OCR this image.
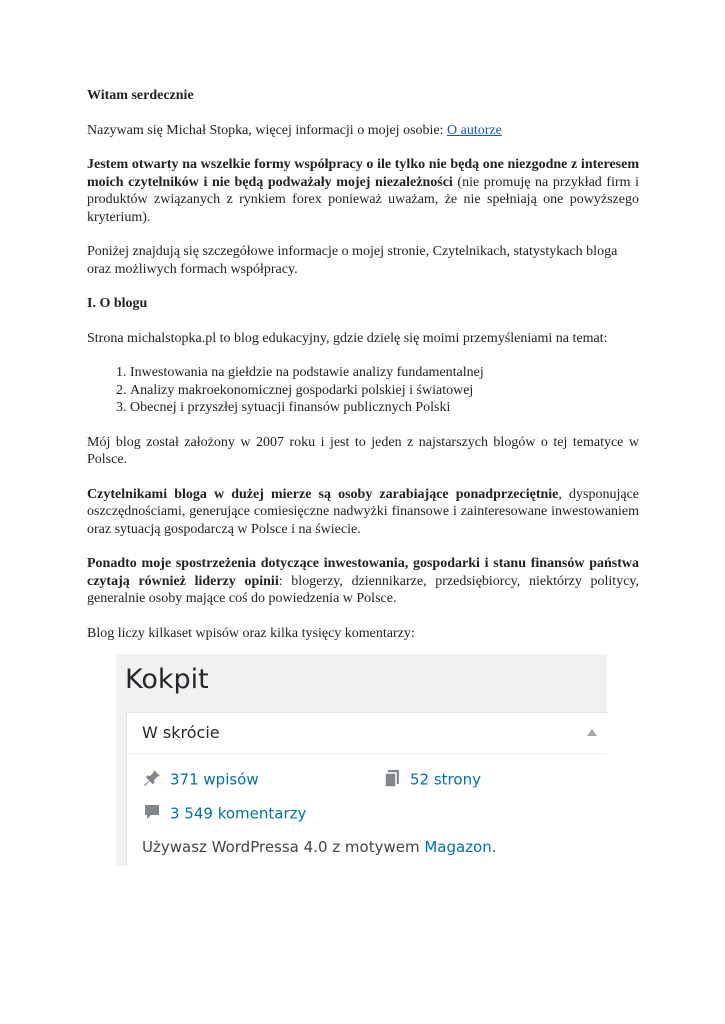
Witam serdecznie

Nazywam się Michał Stopka, więcej informacji o mojej osobie: O autorze

Jestem otwarty na wszelkie formy współpracy o ile tylko nie będą one niezgodne z interesem moich czytelników i nie będą podważały mojej niezależności (nie promuję na przykład firm i produktów związanych z rynkiem forex ponieważ uważam, że nie spełniają one powyższego kryterium).

Poniżej znajdują się szczegółowe informacje o mojej stronie, Czytelnikach, statystykach bloga oraz możliwych formach współpracy.

I. O blogu

Strona michalstopka.pl to blog edukacyjny, gdzie dzielę się moimi przemyśleniami na temat:

1. Inwestowania na giełdzie na podstawie analizy fundamentalnej
2. Analizy makroekonomicznej gospodarki polskiej i światowej
3. Obecnej i przyszłej sytuacji finansów publicznych Polski

Mój blog został założony w 2007 roku i jest to jeden z najstarszych blogów o tej tematyce w Polsce.

Czytelnikami bloga w dużej mierze są osoby zarabiające ponadprzeciętnie, dysponujące oszczędnościami, generujące comiesięczne nadwyżki finansowe i zainteresowane inwestowaniem oraz sytuacją gospodarczą w Polsce i na świecie.

Ponadto moje spostrzeżenia dotyczące inwestowania, gospodarki i stanu finansów państwa czytają również liderzy opinii: blogerzy, dziennikarze, przedsiębiorcy, niektórzy politycy, generalnie osoby mające coś do powiedzenia w Polsce.

Blog liczy kilkaset wpisów oraz kilka tysięcy komentarzy:

Kokpit
W skrócie
371 wpisów	52 strony
3 549 komentarzy
Używasz WordPressa 4.0 z motywem Magazon.
